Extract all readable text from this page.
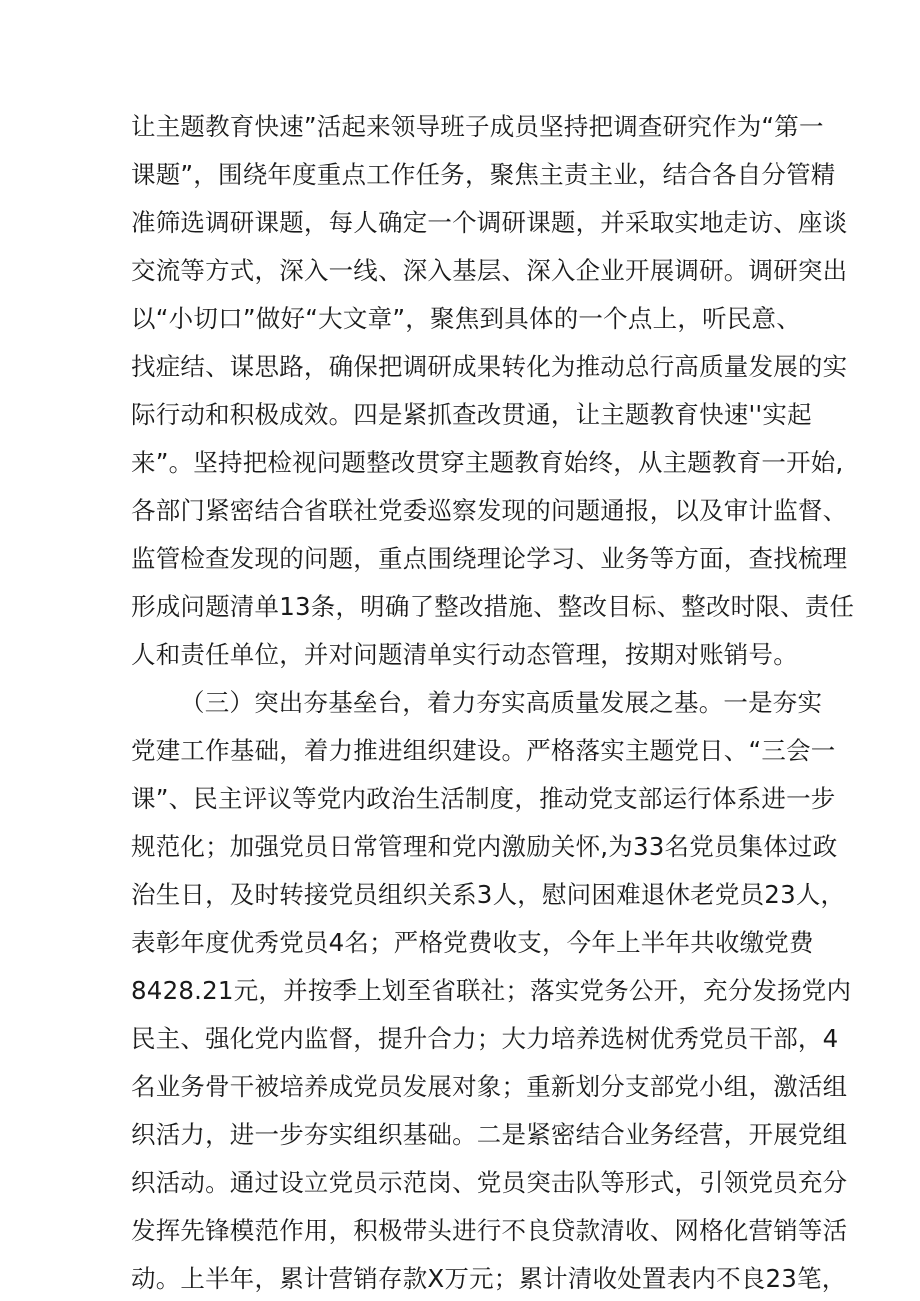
让主题教育快速”活起来领导班子成员坚持把调查研究作为“第一

课题”，围绕年度重点工作任务，聚焦主责主业，结合各自分管精

准筛选调研课题，每人确定一个调研课题，并采取实地走访、座谈

交流等方式，深入一线、深入基层、深入企业开展调研。调研突出

以“小切口”做好“大文章”，聚焦到具体的一个点上，听民意、

找症结、谋思路，确保把调研成果转化为推动总行高质量发展的实

际行动和积极成效。四是紧抓查改贯通，让主题教育快速''实起

来”。坚持把检视问题整改贯穿主题教育始终，从主题教育一开始,

各部门紧密结合省联社党委巡察发现的问题通报，以及审计监督、

监管检查发现的问题，重点围绕理论学习、业务等方面，查找梳理

形成问题清单13条，明确了整改措施、整改目标、整改时限、责任

人和责任单位，并对问题清单实行动态管理，按期对账销号。

（三）突出夯基垒台，着力夯实高质量发展之基。一是夯实

党建工作基础，着力推进组织建设。严格落实主题党日、“三会一

课”、民主评议等党内政治生活制度，推动党支部运行体系进一步

规范化；加强党员日常管理和党内激励关怀,为33名党员集体过政

治生日，及时转接党员组织关系3人，慰问困难退休老党员23人，

表彰年度优秀党员4名；严格党费收支，今年上半年共收缴党费

8428.21元，并按季上划至省联社；落实党务公开，充分发扬党内

民主、强化党内监督，提升合力；大力培养选树优秀党员干部，4

名业务骨干被培养成党员发展对象；重新划分支部党小组，激活组

织活力，进一步夯实组织基础。二是紧密结合业务经营，开展党组

织活动。通过设立党员示范岗、党员突击队等形式，引领党员充分

发挥先锋模范作用，积极带头进行不良贷款清收、网格化营销等活

动。上半年，累计营销存款X万元；累计清收处置表内不良23笔，
